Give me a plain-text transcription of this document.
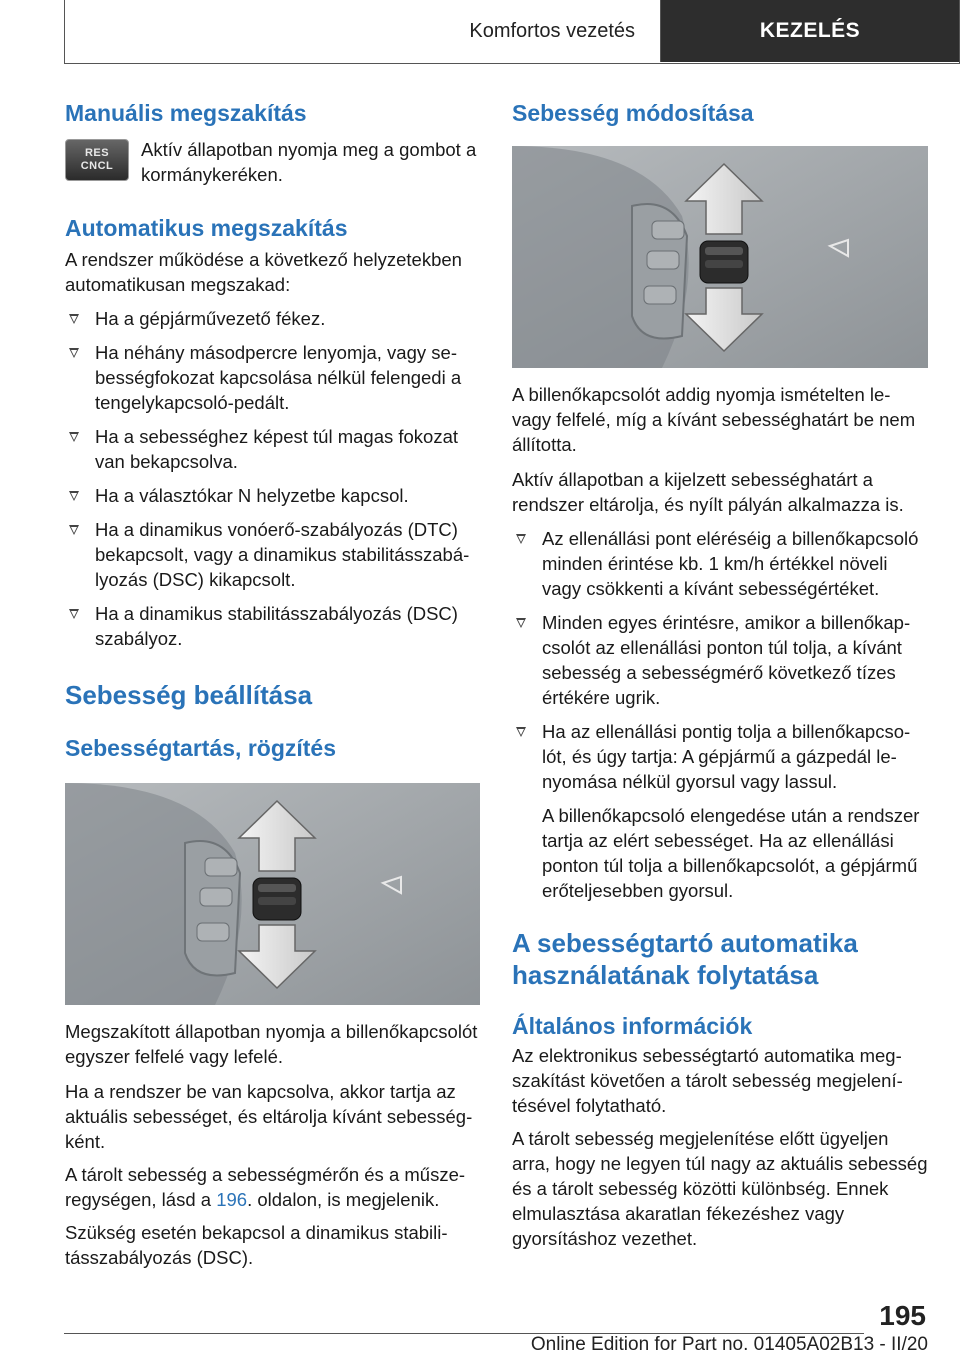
Komfortos vezetés	KEZELÉS
Manuális megszakítás
RES
CNCL

Aktív állapotban nyomja meg a gombot a kormánykeréken.

Automatikus megszakítás

A rendszer működése a következő helyzetekben automatikusan megszakad:

Ha a gépjárművezető fékez.
Ha néhány másodpercre lenyomja, vagy sebességfokozat kapcsolása nélkül felengedi a tengelykapcsoló-pedált.
Ha a sebességhez képest túl magas fokozat van bekapcsolva.
Ha a választókar N helyzetbe kapcsol.
Ha a dinamikus vonóerő-szabályozás (DTC) bekapcsolt, vagy a dinamikus stabilitásszabályozás (DSC) kikapcsolt.
Ha a dinamikus stabilitásszabályozás (DSC) szabályoz.
Sebesség beállítása
Sebességtartás, rögzítés

Megszakított állapotban nyomja a billenőkapcsolót egyszer felfelé vagy lefelé.

Ha a rendszer be van kapcsolva, akkor tartja az aktuális sebességet, és eltárolja kívánt sebességként.

A tárolt sebesség a sebességmérőn és a műszeregységen, lásd a 196. oldalon, is megjelenik.

Szükség esetén bekapcsol a dinamikus stabilitásszabályozás (DSC).

Sebesség módosítása

A billenőkapcsolót addig nyomja ismételten le- vagy felfelé, míg a kívánt sebességhatárt be nem állította.

Aktív állapotban a kijelzett sebességhatárt a rendszer eltárolja, és nyílt pályán alkalmazza is.

Az ellenállási pont eléréséig a billenőkapcsoló minden érintése kb. 1 km/h értékkel növeli vagy csökkenti a kívánt sebességértéket.
Minden egyes érintésre, amikor a billenőkapcsolót az ellenállási ponton túl tolja, a kívánt sebesség a sebességmérő következő tízes értékére ugrik.
Ha az ellenállási pontig tolja a billenőkapcsolót, és úgy tartja: A gépjármű a gázpedál lenyomása nélkül gyorsul vagy lassul.
A billenőkapcsoló elengedése után a rendszer tartja az elért sebességet. Ha az ellenállási ponton túl tolja a billenőkapcsolót, a gépjármű erőteljesebben gyorsul.
A sebességtartó automatika használatának folytatása
Általános információk

Az elektronikus sebességtartó automatika megszakítást követően a tárolt sebesség megjelenítésével folytatható.

A tárolt sebesség megjelenítése előtt ügyeljen arra, hogy ne legyen túl nagy az aktuális sebesség és a tárolt sebesség közötti különbség. Ennek elmulasztása akaratlan fékezéshez vagy gyorsításhoz vezethet.

195
Online Edition for Part no. 01405A02B13 - II/20
